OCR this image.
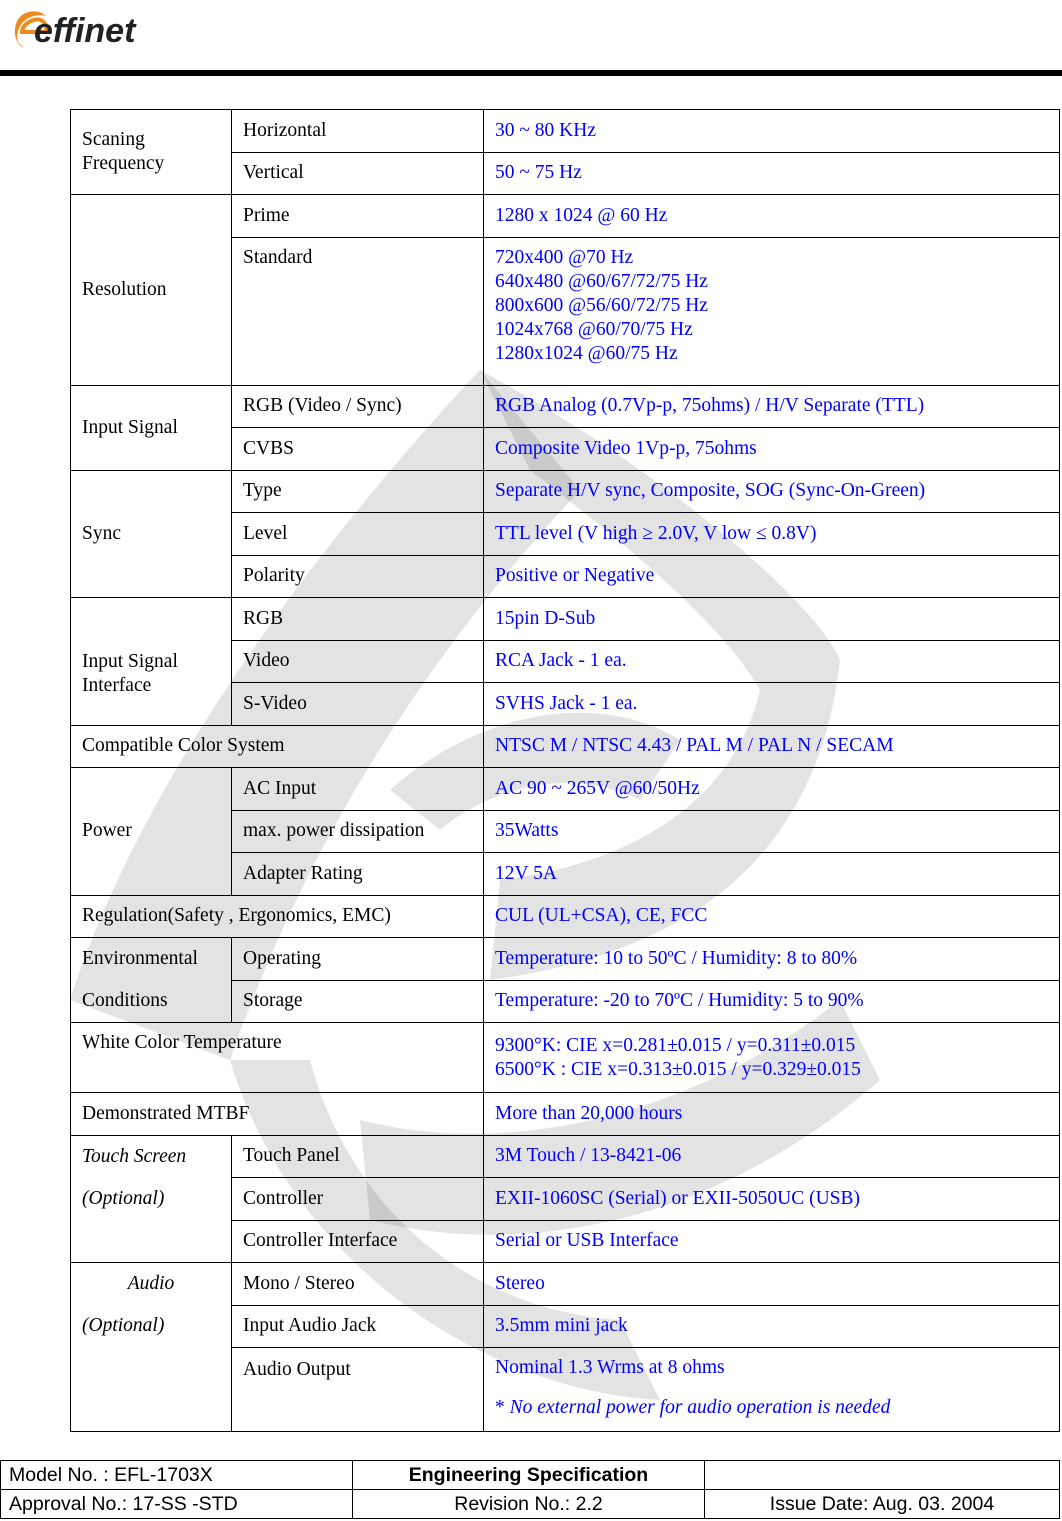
effinet
Scaning Frequency	Horizontal	30 ~ 80 KHz
	Vertical	50 ~ 75 Hz
Resolution	Prime	1280 x 1024 @ 60 Hz
	Standard	720x400 @70 Hz
640x480 @60/67/72/75 Hz
800x600 @56/60/72/75 Hz
1024x768 @60/70/75 Hz
1280x1024 @60/75 Hz

Input Signal	RGB (Video / Sync)	RGB Analog (0.7Vp-p, 75ohms) / H/V Separate (TTL)
	CVBS	Composite Video 1Vp-p, 75ohms
Sync	Type	Separate H/V sync, Composite, SOG (Sync-On-Green)
	Level	TTL level (V high ≥ 2.0V, V low ≤ 0.8V)
	Polarity	Positive or Negative

Input Signal
Interface	RGB	15pin D-Sub
	Video	RCA Jack - 1 ea.
	S-Video	SVHS Jack - 1 ea.
Compatible Color System		NTSC M / NTSC 4.43 / PAL M / PAL N / SECAM
Power	AC Input	AC 90 ~ 265V @60/50Hz
	max. power dissipation	35Watts
	Adapter Rating	12V 5A
Regulation(Safety , Ergonomics, EMC)		CUL (UL+CSA), CE, FCC

Environmental
Conditions	Operating	Temperature: 10 to 50ºC / Humidity: 8 to 80%
	Storage	Temperature: -20 to 70ºC / Humidity: 5 to 90%
White Color Temperature		9300°K: CIE x=0.281±0.015 / y=0.311±0.015
6500°K : CIE x=0.313±0.015 / y=0.329±0.015

Demonstrated MTBF		More than 20,000 hours

Touch Screen
(Optional)	Touch Panel	3M Touch / 13-8421-06
	Controller	EXII-1060SC (Serial) or EXII-5050UC (USB)
	Controller Interface	Serial or USB Interface

Audio
(Optional)	Mono / Stereo	Stereo
	Input Audio Jack	3.5mm mini jack
	Audio Output	Nominal 1.3 Wrms at 8 ohms
* No external power for audio operation is needed
Model No. : EFL-1703X	Engineering Specification	
Approval No.: 17-SS -STD	Revision No.: 2.2	Issue Date: Aug. 03. 2004
